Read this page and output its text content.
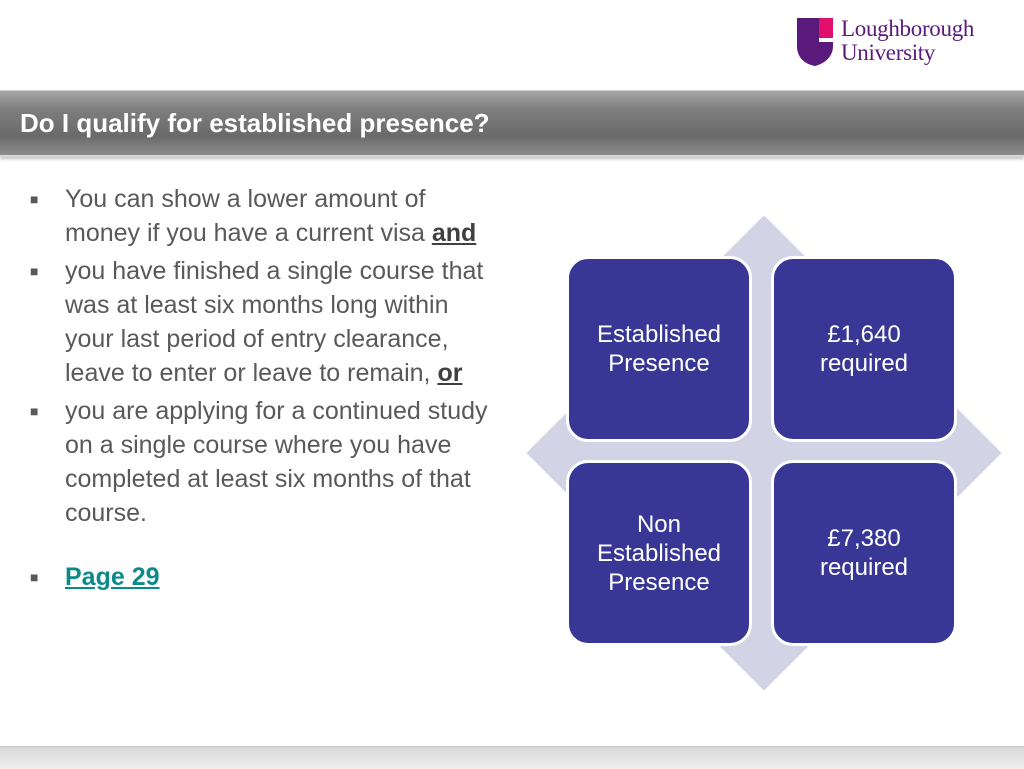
Loughborough
University
Do I qualify for established presence?
■ You can show a lower amount of money if you have a current visa and
■ you have finished a single course that was at least six months long within your last period of entry clearance, leave to enter or leave to remain, or
■ you are applying for a continued study on a single course where you have completed at least six months of that course.
■ Page 29
Established
Presence
£1,640
required
Non
Established
Presence
£7,380
required
